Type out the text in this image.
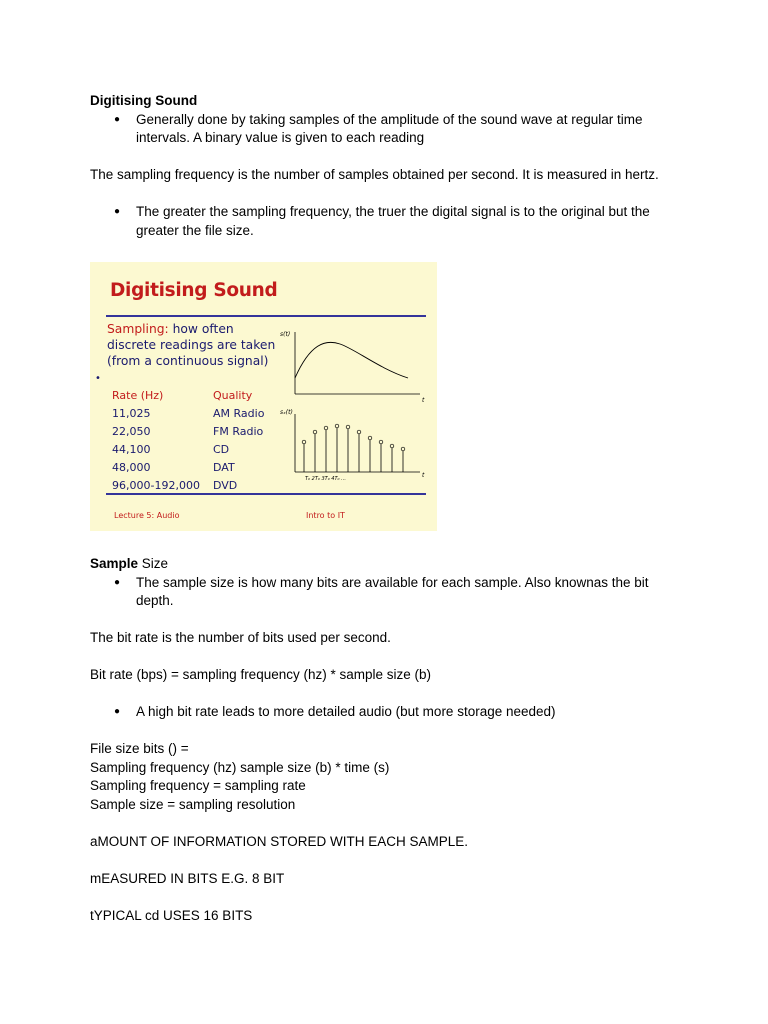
Digitising Sound

● Generally done by taking samples of the amplitude of the sound wave at regular time intervals. A binary value is given to each reading

The sampling frequency is the number of samples obtained per second. It is measured in hertz.

● The greater the sampling frequency, the truer the digital signal is to the original but the greater the file size.
Digitising Sound
Sampling: how often discrete readings are taken (from a continuous signal)
•
Rate (Hz)	Quality
11,025	AM Radio
22,050	FM Radio
44,100	CD
48,000	DAT
96,000-192,000	DVD
s(t)
t
sₓ(t)
t
T₀ 2T₀ 3T₀ 4T₀ ...
Lecture 5: Audio	Intro to IT

Sample Size

● The sample size is how many bits are available for each sample. Also knownas the bit depth.

The bit rate is the number of bits used per second.

Bit rate (bps) = sampling frequency (hz) * sample size (b)

● A high bit rate leads to more detailed audio (but more storage needed)

File size bits () =

Sampling frequency (hz) sample size (b) * time (s)

Sampling frequency = sampling rate

Sample size = sampling resolution

aMOUNT OF INFORMATION STORED WITH EACH SAMPLE.

mEASURED IN BITS E.G. 8 BIT

tYPICAL cd USES 16 BITS
